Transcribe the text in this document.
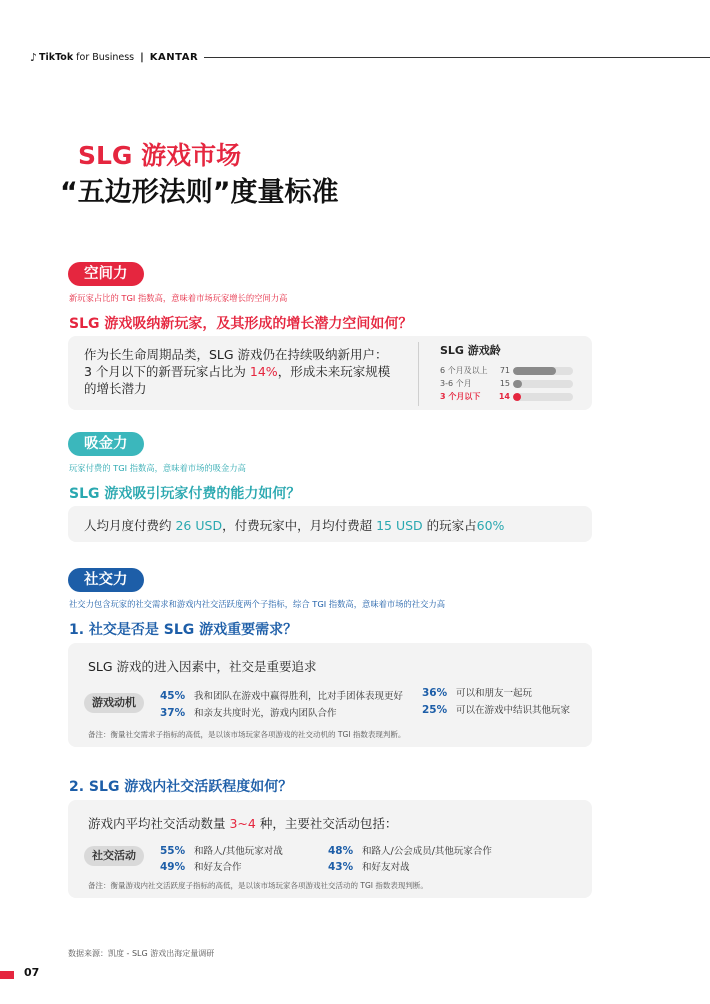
♪ TikTok for Business | KANTAR
SLG 游戏市场
“五边形法则”度量标准
空间力
新玩家占比的 TGI 指数高，意味着市场玩家增长的空间力高
SLG 游戏吸纳新玩家，及其形成的增长潜力空间如何？
作为长生命周期品类，SLG 游戏仍在持续吸纳新用户：
3 个月以下的新晋玩家占比为 14%，形成未来玩家规模
的增长潜力
SLG 游戏龄
6 个月及以上	71
3-6 个月	15
3 个月以下	14
吸金力
玩家付费的 TGI 指数高，意味着市场的吸金力高
SLG 游戏吸引玩家付费的能力如何？
人均月度付费约 26 USD，付费玩家中，月均付费超 15 USD 的玩家占60%
社交力
社交力包含玩家的社交需求和游戏内社交活跃度两个子指标，综合 TGI 指数高，意味着市场的社交力高
1. 社交是否是 SLG 游戏重要需求？
SLG 游戏的进入因素中，社交是重要追求
游戏动机	45% 我和团队在游戏中赢得胜利，比对手团体表现更好
37% 和亲友共度时光，游戏内团队合作
36% 可以和朋友一起玩
25% 可以在游戏中结识其他玩家
备注：衡量社交需求子指标的高低，是以该市场玩家各项游戏的社交动机的 TGI 指数表现判断。
2. SLG 游戏内社交活跃程度如何？
游戏内平均社交活动数量 3~4 种，主要社交活动包括：
社交活动	55% 和路人/其他玩家对战
49% 和好友合作
48% 和路人/公会成员/其他玩家合作
43% 和好友对战
备注：衡量游戏内社交活跃度子指标的高低，是以该市场玩家各项游戏社交活动的 TGI 指数表现判断。
数据来源：凯度 - SLG 游戏出海定量调研
07
